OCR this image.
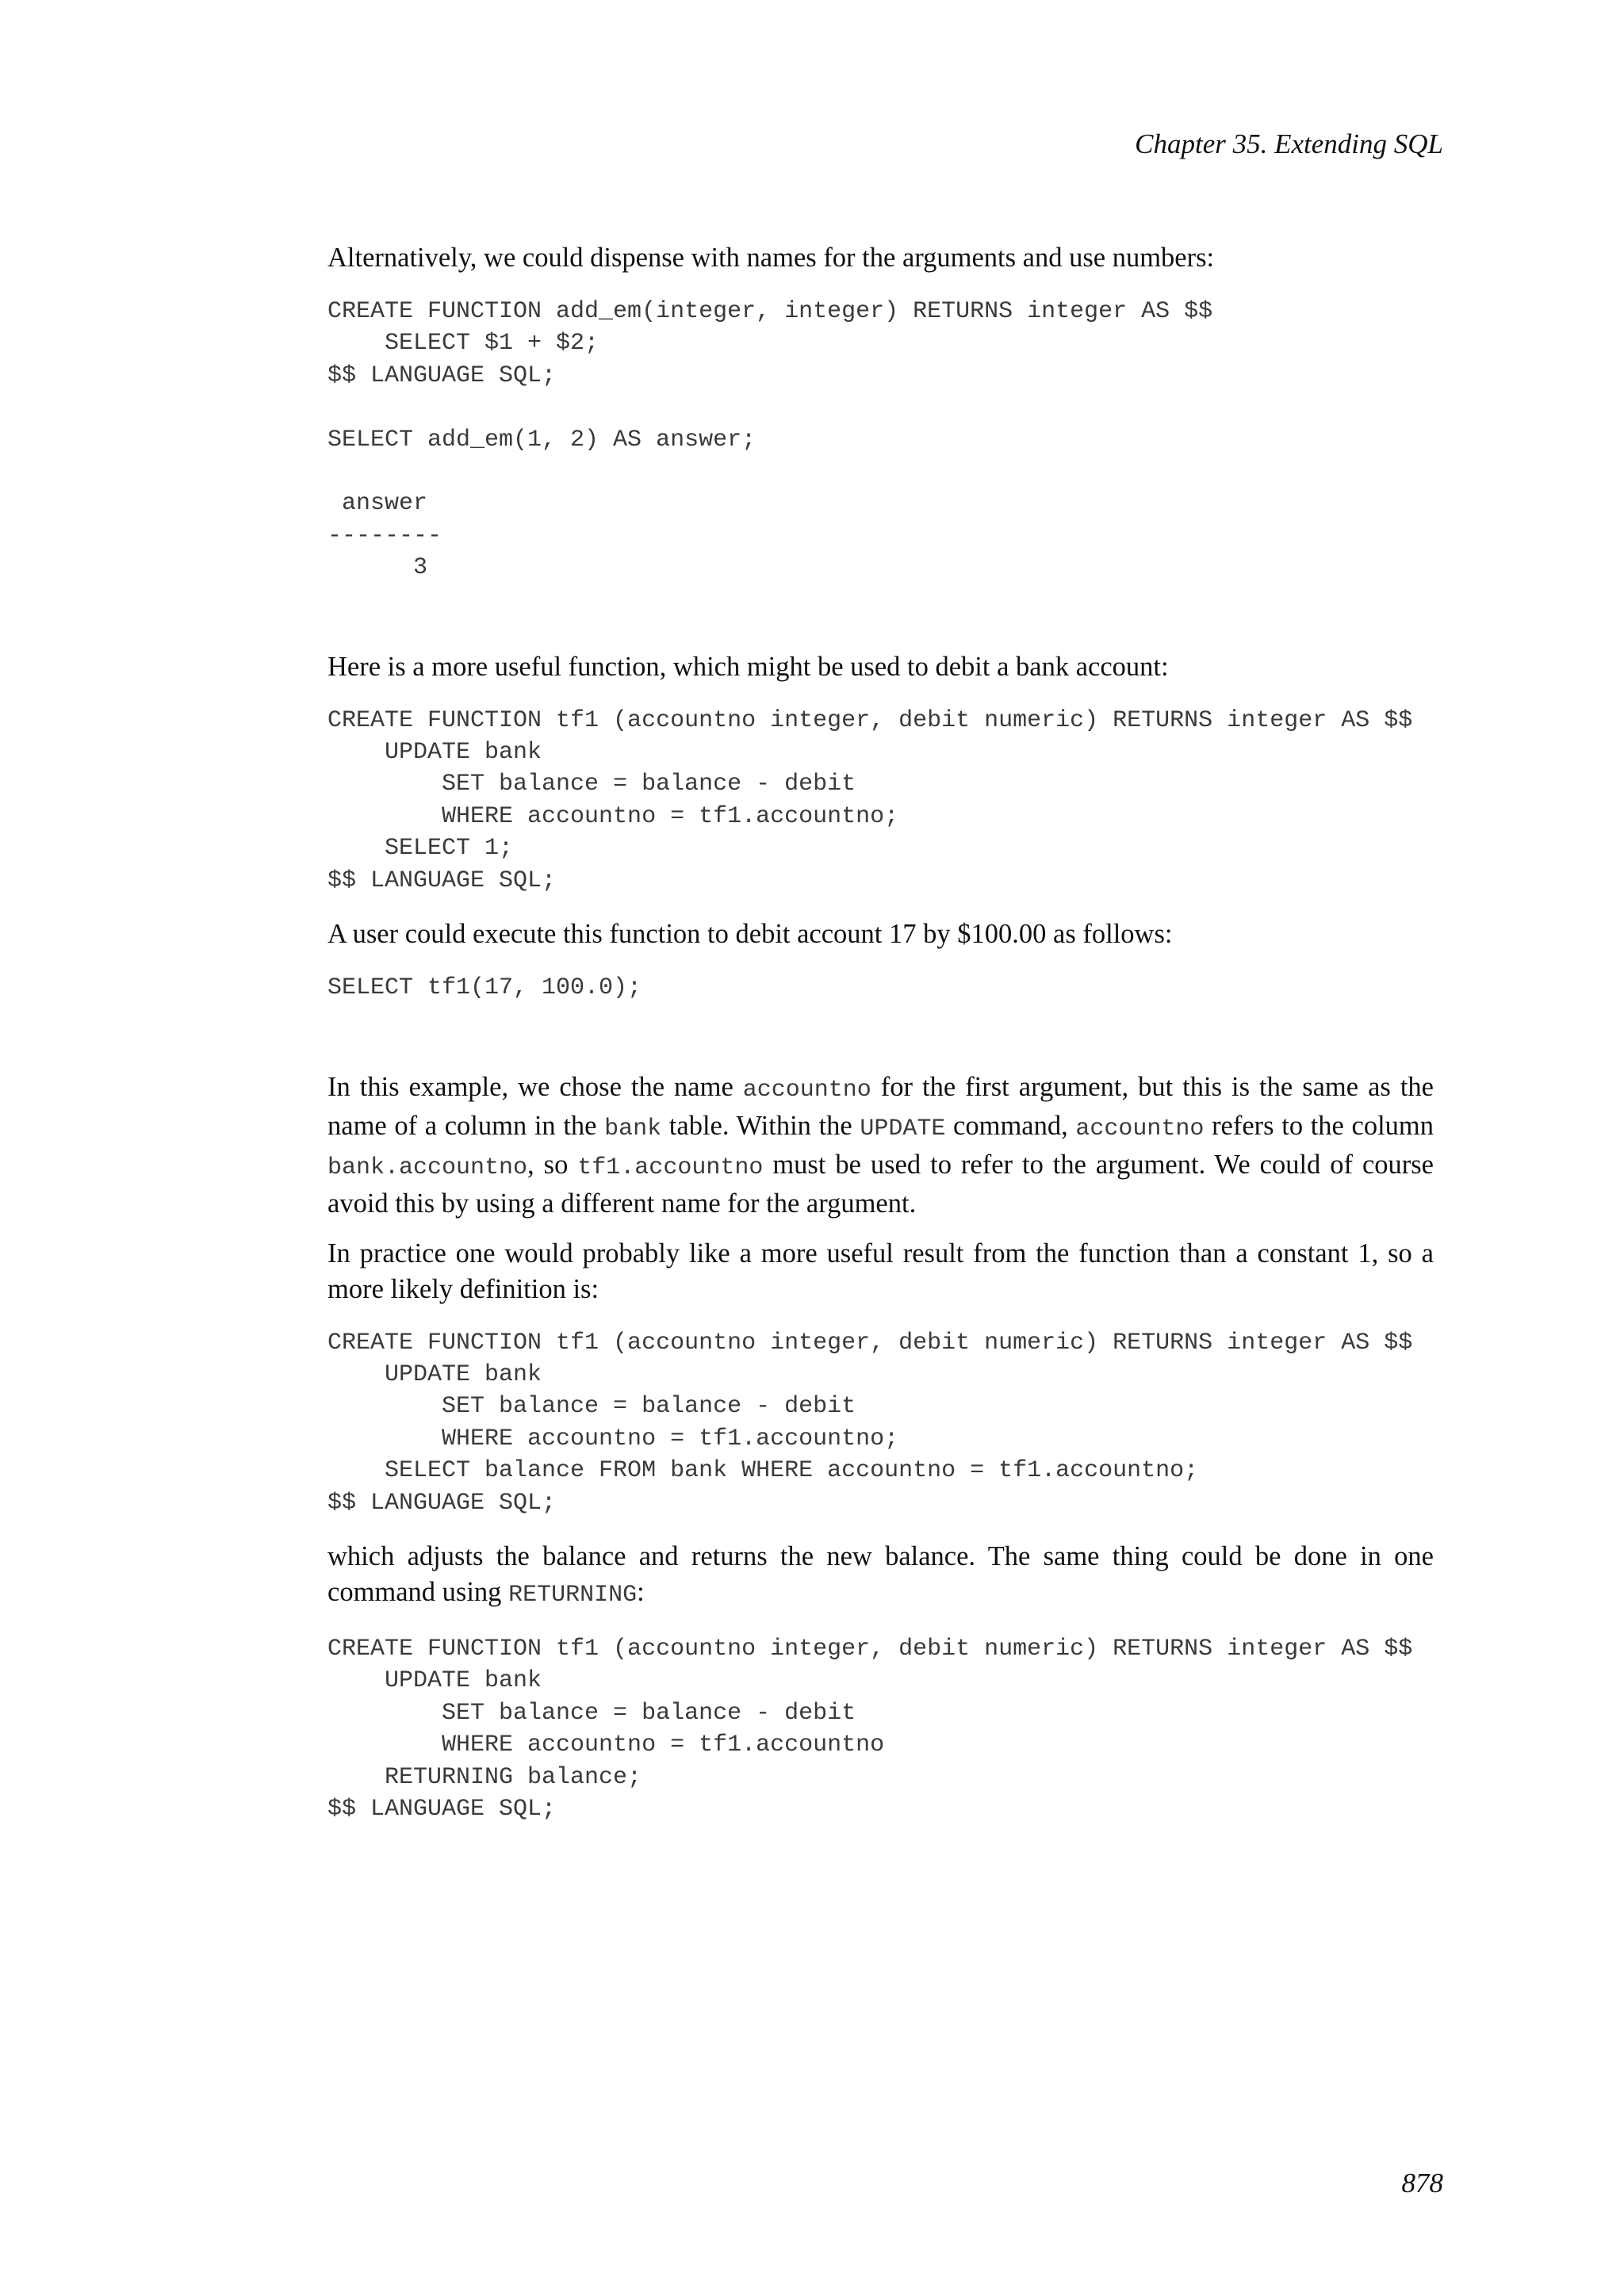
Chapter 35. Extending SQL

Alternatively, we could dispense with names for the arguments and use numbers:

CREATE FUNCTION add_em(integer, integer) RETURNS integer AS $$
SELECT $1 + $2;
$$ LANGUAGE SQL;

SELECT add_em(1, 2) AS answer;

answer
--------
3

Here is a more useful function, which might be used to debit a bank account:

CREATE FUNCTION tf1 (accountno integer, debit numeric) RETURNS integer AS $$
UPDATE bank
SET balance = balance - debit
WHERE accountno = tf1.accountno;
SELECT 1;
$$ LANGUAGE SQL;

A user could execute this function to debit account 17 by $100.00 as follows:

SELECT tf1(17, 100.0);

In this example, we chose the name accountno for the first argument, but this is the same as the name of a column in the bank table. Within the UPDATE command, accountno refers to the column bank.accountno, so tf1.accountno must be used to refer to the argument. We could of course avoid this by using a different name for the argument.

In practice one would probably like a more useful result from the function than a constant 1, so a more likely definition is:

CREATE FUNCTION tf1 (accountno integer, debit numeric) RETURNS integer AS $$
UPDATE bank
SET balance = balance - debit
WHERE accountno = tf1.accountno;
SELECT balance FROM bank WHERE accountno = tf1.accountno;
$$ LANGUAGE SQL;

which adjusts the balance and returns the new balance. The same thing could be done in one command using RETURNING:

CREATE FUNCTION tf1 (accountno integer, debit numeric) RETURNS integer AS $$
UPDATE bank
SET balance = balance - debit
WHERE accountno = tf1.accountno
RETURNING balance;
$$ LANGUAGE SQL;
878
